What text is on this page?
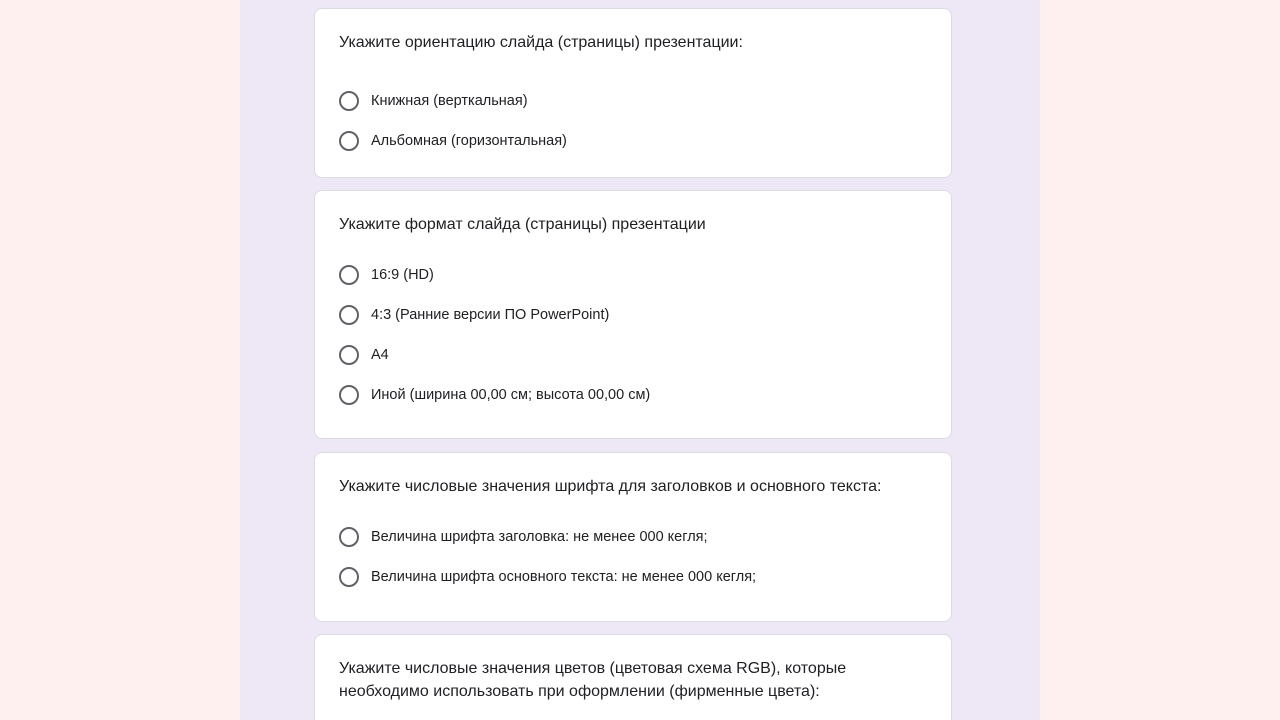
Укажите ориентацию слайда (страницы) презентации:
Книжная (верткальная)
Альбомная (горизонтальная)
Укажите формат слайда (страницы) презентации
16:9 (HD)
4:3 (Ранние версии ПО PowerPoint)
А4
Иной (ширина 00,00 см; высота 00,00 см)
Укажите числовые значения шрифта для заголовков и основного текста:
Величина шрифта заголовка: не менее 000 кегля;
Величина шрифта основного текста: не менее 000 кегля;
Укажите числовые значения цветов (цветовая схема RGB), которые
необходимо использовать при оформлении (фирменные цвета):
